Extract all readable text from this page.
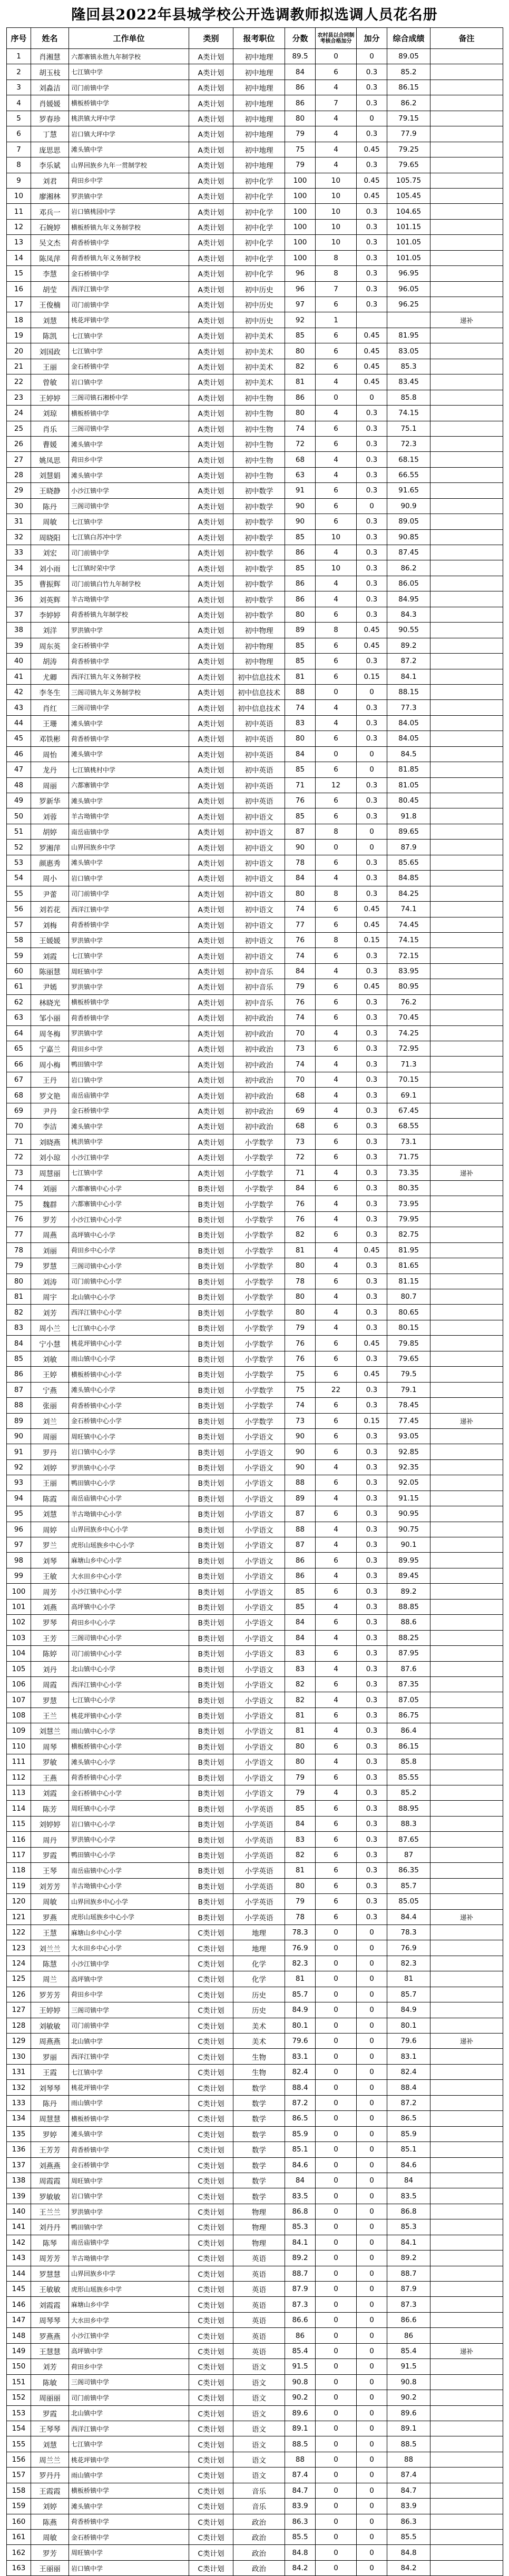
隆回县2022年县城学校公开选调教师拟选调人员花名册
序号	姓名	工作单位	类别	报考职位	分数	农村县以合同制考核合格加分	加分	综合成绩	备注
1	肖湘慧	六都寨镇永胜九年制学校	A类计划	初中地理	89.5	0	0	89.05	
2	胡玉枝	七江镇中学	A类计划	初中地理	84	6	0.3	85.2	
3	刘淼洁	司门前镇中学	A类计划	初中地理	86	4	0.3	86.15	
4	肖媛媛	横板桥镇中学	A类计划	初中地理	86	7	0.3	86.2	
5	罗春珍	桃洪镇大坪中学	A类计划	初中地理	80	4	0	79.15	
6	丁慧	岩口镇大坪中学	A类计划	初中地理	79	4	0.3	77.9	
7	庞思思	滩头镇中学	A类计划	初中地理	75	4	0.45	79.25	
8	李乐斌	山界回族乡九年一贯制学校	A类计划	初中地理	79	4	0.3	79.65	
9	刘君	荷田乡中学	A类计划	初中化学	100	10	0.45	105.75	
10	廖湘林	罗洪镇中学	A类计划	初中化学	100	10	0.45	105.45	
11	邓兵一	岩口镇桃园中学	A类计划	初中化学	100	10	0.3	104.65	
12	石婉婷	横板桥镇九年义务制学校	A类计划	初中化学	100	10	0.3	101.15	
13	吴文杰	荷香桥镇中学	A类计划	初中化学	100	10	0.3	101.05	
14	陈凤萍	荷香桥镇九年义务制学校	A类计划	初中化学	100	8	0.3	101.05	
15	李慧	金石桥镇中学	A类计划	初中化学	96	8	0.3	96.95	
16	胡莹	西洋江镇中学	A类计划	初中历史	96	7	0.3	96.05	
17	王俊楠	司门前镇中学	A类计划	初中历史	97	6	0.3	96.25	
18	刘慧	桃花坪镇中学	A类计划	初中历史	92	1			递补
19	陈凯	七江镇中学	A类计划	初中美术	85	6	0.45	81.95	
20	刘国政	七江镇中学	A类计划	初中美术	80	6	0.45	83.05	
21	王丽	金石桥镇中学	A类计划	初中美术	82	6	0.45	85.3	
22	曾敏	岩口镇中学	A类计划	初中美术	81	4	0.45	83.45	
23	王婷婷	三阁司镇石湘桥中学	A类计划	初中生物	86	0	0	85.8	
24	刘琼	横板桥镇中学	A类计划	初中生物	80	4	0.3	74.15	
25	肖乐	三阁司镇中学	A类计划	初中生物	74	6	0.3	75.1	
26	曹媛	滩头镇中学	A类计划	初中生物	72	6	0.3	72.3	
27	姚凤思	荷田乡中学	A类计划	初中生物	68	4	0.3	68.15	
28	刘慧娟	滩头镇中学	A类计划	初中生物	63	4	0.3	66.55	
29	王晓静	小沙江镇中学	A类计划	初中数学	91	6	0.3	91.65	
30	陈丹	三阁司镇中学	A类计划	初中数学	90	6	0	90.9	
31	周敏	七江镇中学	A类计划	初中数学	90	6	0.3	89.05	
32	周晓阳	七江镇白苏冲中学	A类计划	初中数学	85	10	0.3	90.85	
33	刘宏	司门前镇中学	A类计划	初中数学	86	4	0.3	87.45	
34	刘小雨	七江镇时荣中学	A类计划	初中数学	85	10	0.3	86.2	
35	曹振辉	司门前镇白竹九年制学校	A类计划	初中数学	86	4	0.3	86.05	
36	刘英辉	羊古坳镇中学	A类计划	初中数学	86	4	0.3	84.95	
37	李婷婷	荷香桥镇九年制学校	A类计划	初中数学	80	6	0.3	84.3	
38	刘洋	罗洪镇中学	A类计划	初中物理	89	8	0.45	90.55	
39	周东英	金石桥镇中学	A类计划	初中物理	85	6	0.45	89.2	
40	胡涛	荷香桥镇中学	A类计划	初中物理	85	6	0.3	87.2	
41	尤卿	西洋江镇九年义务制学校	A类计划	初中信息技术	81	6	0.15	84.1	
42	李冬生	三阁司镇九年义务制学校	A类计划	初中信息技术	88	0	0	88.15	
43	肖红	三阁司镇中学	A类计划	初中信息技术	74	4	0.3	77.3	
44	王珊	滩头镇中学	A类计划	初中英语	83	4	0.3	84.05	
45	邓铁彬	荷香桥镇中学	A类计划	初中英语	80	6	0.3	84.05	
46	周怡	滩头镇中学	A类计划	初中英语	84	0	0	84.5	
47	龙丹	七江镇桃村中学	A类计划	初中英语	85	6	0	81.85	
48	周丽	六都寨镇中学	A类计划	初中英语	71	12	0.3	81.05	
49	罗新华	滩头镇中学	A类计划	初中英语	76	6	0.3	80.45	
50	刘蓉	羊古坳镇中学	A类计划	初中语文	85	6	0.3	91.8	
51	胡婷	南岳庙镇中学	A类计划	初中语文	87	8	0	89.65	
52	罗湘萍	山界回族乡中学	A类计划	初中语文	90	0	0	87.9	
53	颜惠秀	滩头镇中学	A类计划	初中语文	78	6	0.3	85.65	
54	周小	岩口镇中学	A类计划	初中语文	84	4	0.3	84.85	
55	尹蕾	司门前镇中学	A类计划	初中语文	80	8	0.3	84.25	
56	刘若花	西洋江镇中学	A类计划	初中语文	74	6	0.45	74.1	
57	刘梅	荷香桥镇中学	A类计划	初中语文	77	6	0.45	74.45	
58	王媛媛	罗洪镇中学	A类计划	初中语文	76	8	0.15	74.15	
59	刘霞	七江镇中学	A类计划	初中语文	74	6	0.3	72.15	
60	陈丽慧	周旺镇中学	A类计划	初中音乐	84	4	0.3	83.95	
61	尹嫣	罗洪镇中学	A类计划	初中音乐	79	6	0.45	80.95	
62	林晓光	横板桥镇中学	A类计划	初中音乐	76	6	0.3	76.2	
63	邹小丽	荷香桥镇中学	A类计划	初中政治	74	6	0.3	70.45	
64	周冬梅	罗洪镇中学	A类计划	初中政治	70	4	0.3	74.25	
65	宁嘉兰	荷田乡中学	A类计划	初中政治	73	6	0.3	72.95	
66	周小梅	鸭田镇中学	A类计划	初中政治	74	4	0.3	71.3	
67	王丹	岩口镇中学	A类计划	初中政治	70	4	0.3	70.15	
68	罗文艳	南岳庙镇中学	A类计划	初中政治	68	4	0.3	69.1	
69	尹丹	金石桥镇中学	A类计划	初中政治	69	4	0.3	67.45	
70	李洁	滩头镇中学	A类计划	初中政治	68	6	0.3	68.55	
71	刘晓燕	桃洪镇中学	A类计划	小学数学	73	6	0.3	73.1	
72	刘小琼	小沙江镇中学	A类计划	小学数学	72	6	0.3	71.75	
73	周慧丽	七江镇中学	A类计划	小学数学	71	4	0.3	73.35	递补
74	刘丽	六都寨镇中心小学	B类计划	小学数学	84	6	0.3	80.35	
75	魏群	六都寨镇中心小学	B类计划	小学数学	76	4	0.3	73.95	
76	罗芳	小沙江镇中心小学	B类计划	小学数学	76	4	0.3	79.95	
77	周燕	高坪镇中心小学	B类计划	小学数学	82	6	0.3	82.75	
78	刘丽	荷田乡中心小学	B类计划	小学数学	81	4	0.45	81.95	
79	罗慧	三阁司镇中心小学	B类计划	小学数学	80	4	0.3	81.65	
80	刘涛	司门前镇中心小学	B类计划	小学数学	78	6	0.3	81.15	
81	周宇	北山镇中心小学	B类计划	小学数学	80	4	0.3	80.7	
82	刘芳	西洋江镇中心小学	B类计划	小学数学	80	4	0.3	80.65	
83	周小兰	七江镇中心小学	B类计划	小学数学	79	4	0.3	80.15	
84	宁小慧	桃花坪镇中心小学	B类计划	小学数学	76	6	0.45	79.85	
85	刘敏	雨山镇中心小学	B类计划	小学数学	76	6	0.3	79.65	
86	王婷	横板桥镇中心小学	B类计划	小学数学	75	6	0.45	79.5	
87	宁燕	滩头镇中心小学	B类计划	小学数学	75	22	0.3	79.1	
88	张丽	荷香桥镇中心小学	B类计划	小学数学	74	6	0.3	78.45	
89	刘兰	金石桥镇中心小学	B类计划	小学数学	73	6	0.15	77.45	递补
90	周丽	周旺镇中心小学	B类计划	小学语文	90	6	0.3	93.05	
91	罗丹	岩口镇中心小学	B类计划	小学语文	90	6	0.3	92.85	
92	刘婷	罗洪镇中心小学	B类计划	小学语文	90	4	0.3	92.35	
93	王丽	鸭田镇中心小学	B类计划	小学语文	88	6	0.3	92.05	
94	陈霞	南岳庙镇中心小学	B类计划	小学语文	89	4	0.3	91.15	
95	刘慧	羊古坳镇中心小学	B类计划	小学语文	87	6	0.3	90.95	
96	周婷	山界回族乡中心小学	B类计划	小学语文	88	4	0.3	90.75	
97	罗兰	虎形山瑶族乡中心小学	B类计划	小学语文	87	4	0.3	90.1	
98	刘琴	麻塘山乡中心小学	B类计划	小学语文	86	6	0.3	89.95	
99	王敏	大水田乡中心小学	B类计划	小学语文	86	4	0.3	89.45	
100	周芳	小沙江镇中心小学	B类计划	小学语文	85	6	0.3	89.2	
101	刘燕	高坪镇中心小学	B类计划	小学语文	85	4	0.3	88.85	
102	罗琴	荷田乡中心小学	B类计划	小学语文	84	6	0.3	88.6	
103	王芳	三阁司镇中心小学	B类计划	小学语文	84	4	0.3	88.25	
104	陈婷	司门前镇中心小学	B类计划	小学语文	83	6	0.3	87.95	
105	刘丹	北山镇中心小学	B类计划	小学语文	83	4	0.3	87.6	
106	周霞	西洋江镇中心小学	B类计划	小学语文	82	6	0.3	87.35	
107	罗慧	七江镇中心小学	B类计划	小学语文	82	4	0.3	87.05	
108	王兰	桃花坪镇中心小学	B类计划	小学语文	81	6	0.3	86.75	
109	刘慧兰	雨山镇中心小学	B类计划	小学语文	81	4	0.3	86.4	
110	周琴	横板桥镇中心小学	B类计划	小学语文	80	6	0.3	86.15	
111	罗敏	滩头镇中心小学	B类计划	小学语文	80	4	0.3	85.8	
112	王燕	荷香桥镇中心小学	B类计划	小学语文	79	6	0.3	85.55	
113	刘霞	金石桥镇中心小学	B类计划	小学语文	79	4	0.3	85.2	
114	陈芳	周旺镇中心小学	B类计划	小学英语	85	6	0.3	88.95	
115	刘婷婷	岩口镇中心小学	B类计划	小学英语	84	6	0.3	88.3	
116	周丹	罗洪镇中心小学	B类计划	小学英语	83	6	0.3	87.65	
117	罗霞	鸭田镇中心小学	B类计划	小学英语	82	6	0.3	87	
118	王琴	南岳庙镇中心小学	B类计划	小学英语	81	6	0.3	86.35	
119	刘芳芳	羊古坳镇中心小学	B类计划	小学英语	80	6	0.3	85.7	
120	周敏	山界回族乡中心小学	B类计划	小学英语	79	6	0.3	85.05	
121	罗燕	虎形山瑶族乡中心小学	B类计划	小学英语	78	6	0.3	84.4	递补
122	王慧	麻塘山乡中心小学	C类计划	地理	78.3	0	0	78.3	
123	刘兰兰	大水田乡中心小学	C类计划	地理	76.9	0	0	76.9	
124	陈慧	小沙江镇中学	C类计划	化学	82.3	0	0	82.3	
125	周兰	高坪镇中学	C类计划	化学	81	0	0	81	
126	罗芳芳	荷田乡中学	C类计划	历史	85.7	0	0	85.7	
127	王婷婷	三阁司镇中学	C类计划	历史	84.9	0	0	84.9	
128	刘敏敏	司门前镇中学	C类计划	美术	80.1	0	0	80.1	
129	周燕燕	北山镇中学	C类计划	美术	79.6	0	0	79.6	递补
130	罗丽	西洋江镇中学	C类计划	生物	83.1	0	0	83.1	
131	王霞	七江镇中学	C类计划	生物	82.4	0	0	82.4	
132	刘琴琴	桃花坪镇中学	C类计划	数学	88.4	0	0	88.4	
133	陈丹	雨山镇中学	C类计划	数学	87.2	0	0	87.2	
134	周慧慧	横板桥镇中学	C类计划	数学	86.5	0	0	86.5	
135	罗婷	滩头镇中学	C类计划	数学	85.9	0	0	85.9	
136	王芳芳	荷香桥镇中学	C类计划	数学	85.1	0	0	85.1	
137	刘燕燕	金石桥镇中学	C类计划	数学	84.6	0	0	84.6	
138	周霞霞	周旺镇中学	C类计划	数学	84	0	0	84	
139	罗敏敏	岩口镇中学	C类计划	数学	83.5	0	0	83.5	
140	王兰兰	罗洪镇中学	C类计划	物理	86.8	0	0	86.8	
141	刘丹丹	鸭田镇中学	C类计划	物理	85.3	0	0	85.3	
142	陈琴	南岳庙镇中学	C类计划	物理	84.1	0	0	84.1	
143	周芳芳	羊古坳镇中学	C类计划	英语	89.2	0	0	89.2	
144	罗慧慧	山界回族乡中学	C类计划	英语	88.7	0	0	88.7	
145	王敏敏	虎形山瑶族乡中学	C类计划	英语	87.9	0	0	87.9	
146	刘霞霞	麻塘山乡中学	C类计划	英语	87.3	0	0	87.3	
147	周琴琴	大水田乡中学	C类计划	英语	86.6	0	0	86.6	
148	罗燕燕	小沙江镇中学	C类计划	英语	86	0	0	86	
149	王慧慧	高坪镇中学	C类计划	英语	85.4	0	0	85.4	递补
150	刘芳	荷田乡中学	C类计划	语文	91.5	0	0	91.5	
151	陈敏	三阁司镇中学	C类计划	语文	90.8	0	0	90.8	
152	周丽丽	司门前镇中学	C类计划	语文	90.2	0	0	90.2	
153	罗霞	北山镇中学	C类计划	语文	89.6	0	0	89.6	
154	王琴琴	西洋江镇中学	C类计划	语文	89.1	0	0	89.1	
155	刘慧	七江镇中学	C类计划	语文	88.5	0	0	88.5	
156	周兰兰	桃花坪镇中学	C类计划	语文	88	0	0	88	
157	罗丹丹	雨山镇中学	C类计划	语文	87.4	0	0	87.4	
158	王霞霞	横板桥镇中学	C类计划	音乐	84.7	0	0	84.7	
159	刘婷	滩头镇中学	C类计划	音乐	83.9	0	0	83.9	
160	陈燕	荷香桥镇中学	C类计划	政治	86.3	0	0	86.3	
161	周敏	金石桥镇中学	C类计划	政治	85.5	0	0	85.5	
162	罗芳	周旺镇中学	C类计划	政治	84.8	0	0	84.8	
163	王丽丽	岩口镇中学	C类计划	政治	84.2	0	0	84.2	
